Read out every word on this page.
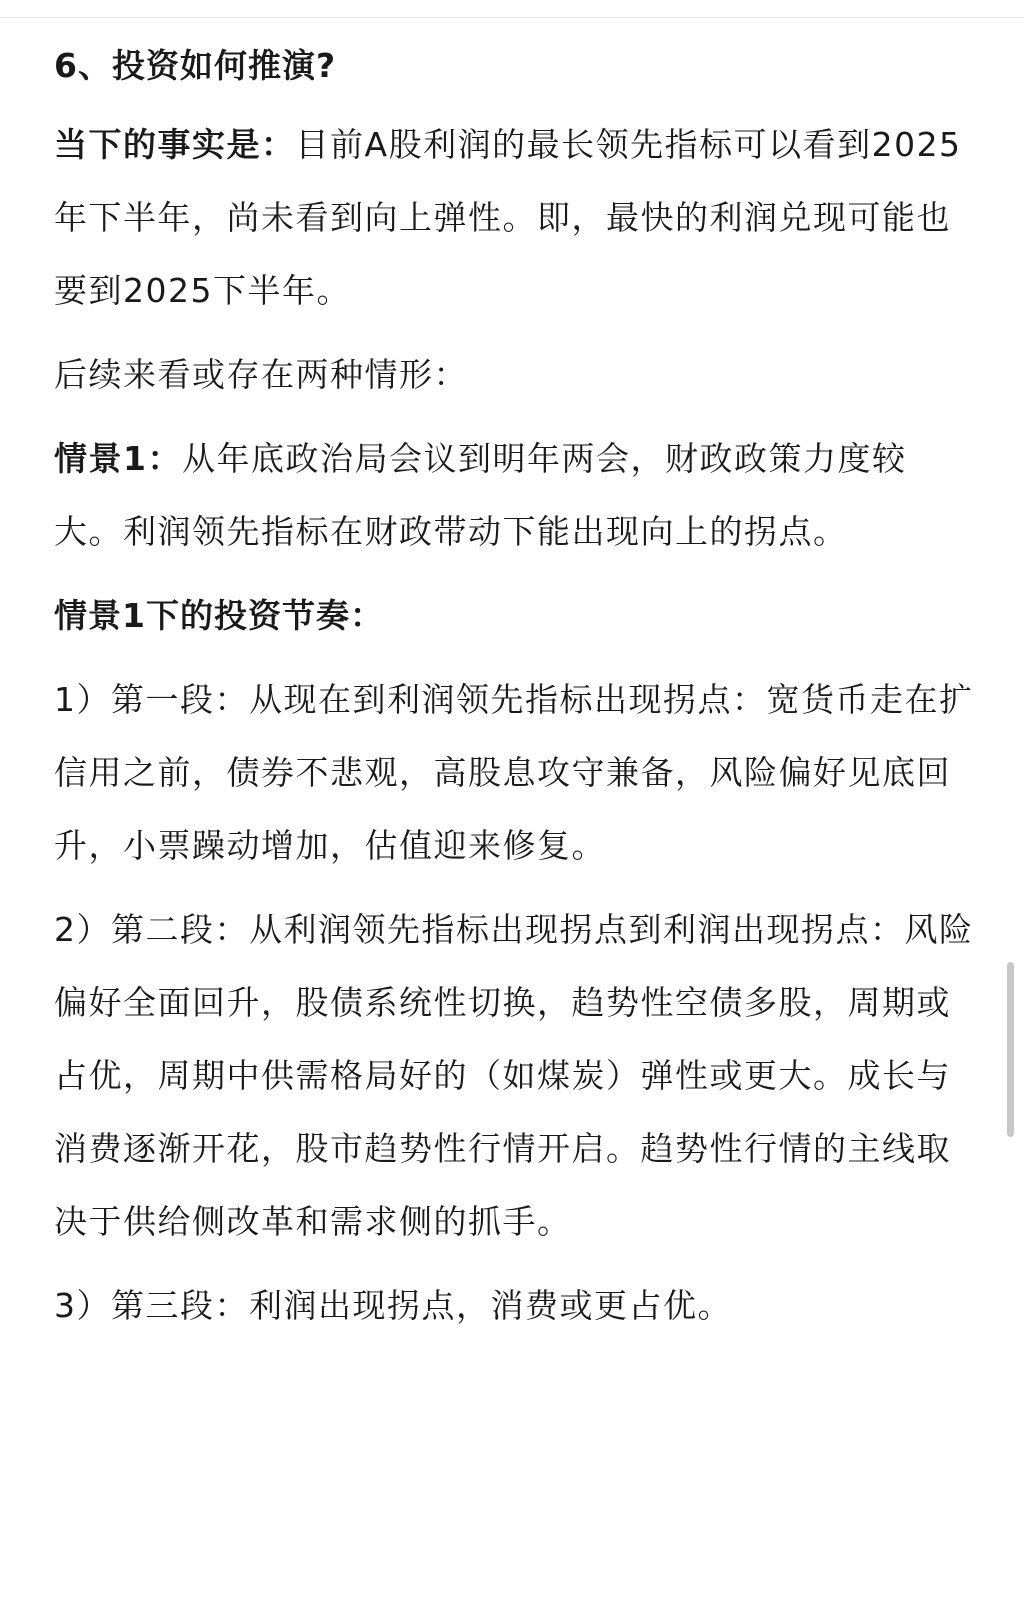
6、投资如何推演?
当下的事实是：目前A股利润的最长领先指标可以看到2025年下半年，尚未看到向上弹性。即，最快的利润兑现可能也要到2025下半年。
后续来看或存在两种情形：
情景1：从年底政治局会议到明年两会，财政政策力度较大。利润领先指标在财政带动下能出现向上的拐点。
情景1下的投资节奏：
1）第一段：从现在到利润领先指标出现拐点：宽货币走在扩信用之前，债券不悲观，高股息攻守兼备，风险偏好见底回升，小票躁动增加，估值迎来修复。
2）第二段：从利润领先指标出现拐点到利润出现拐点：风险偏好全面回升，股债系统性切换，趋势性空债多股，周期或占优，周期中供需格局好的（如煤炭）弹性或更大。成长与消费逐渐开花，股市趋势性行情开启。趋势性行情的主线取决于供给侧改革和需求侧的抓手。
3）第三段：利润出现拐点，消费或更占优。
